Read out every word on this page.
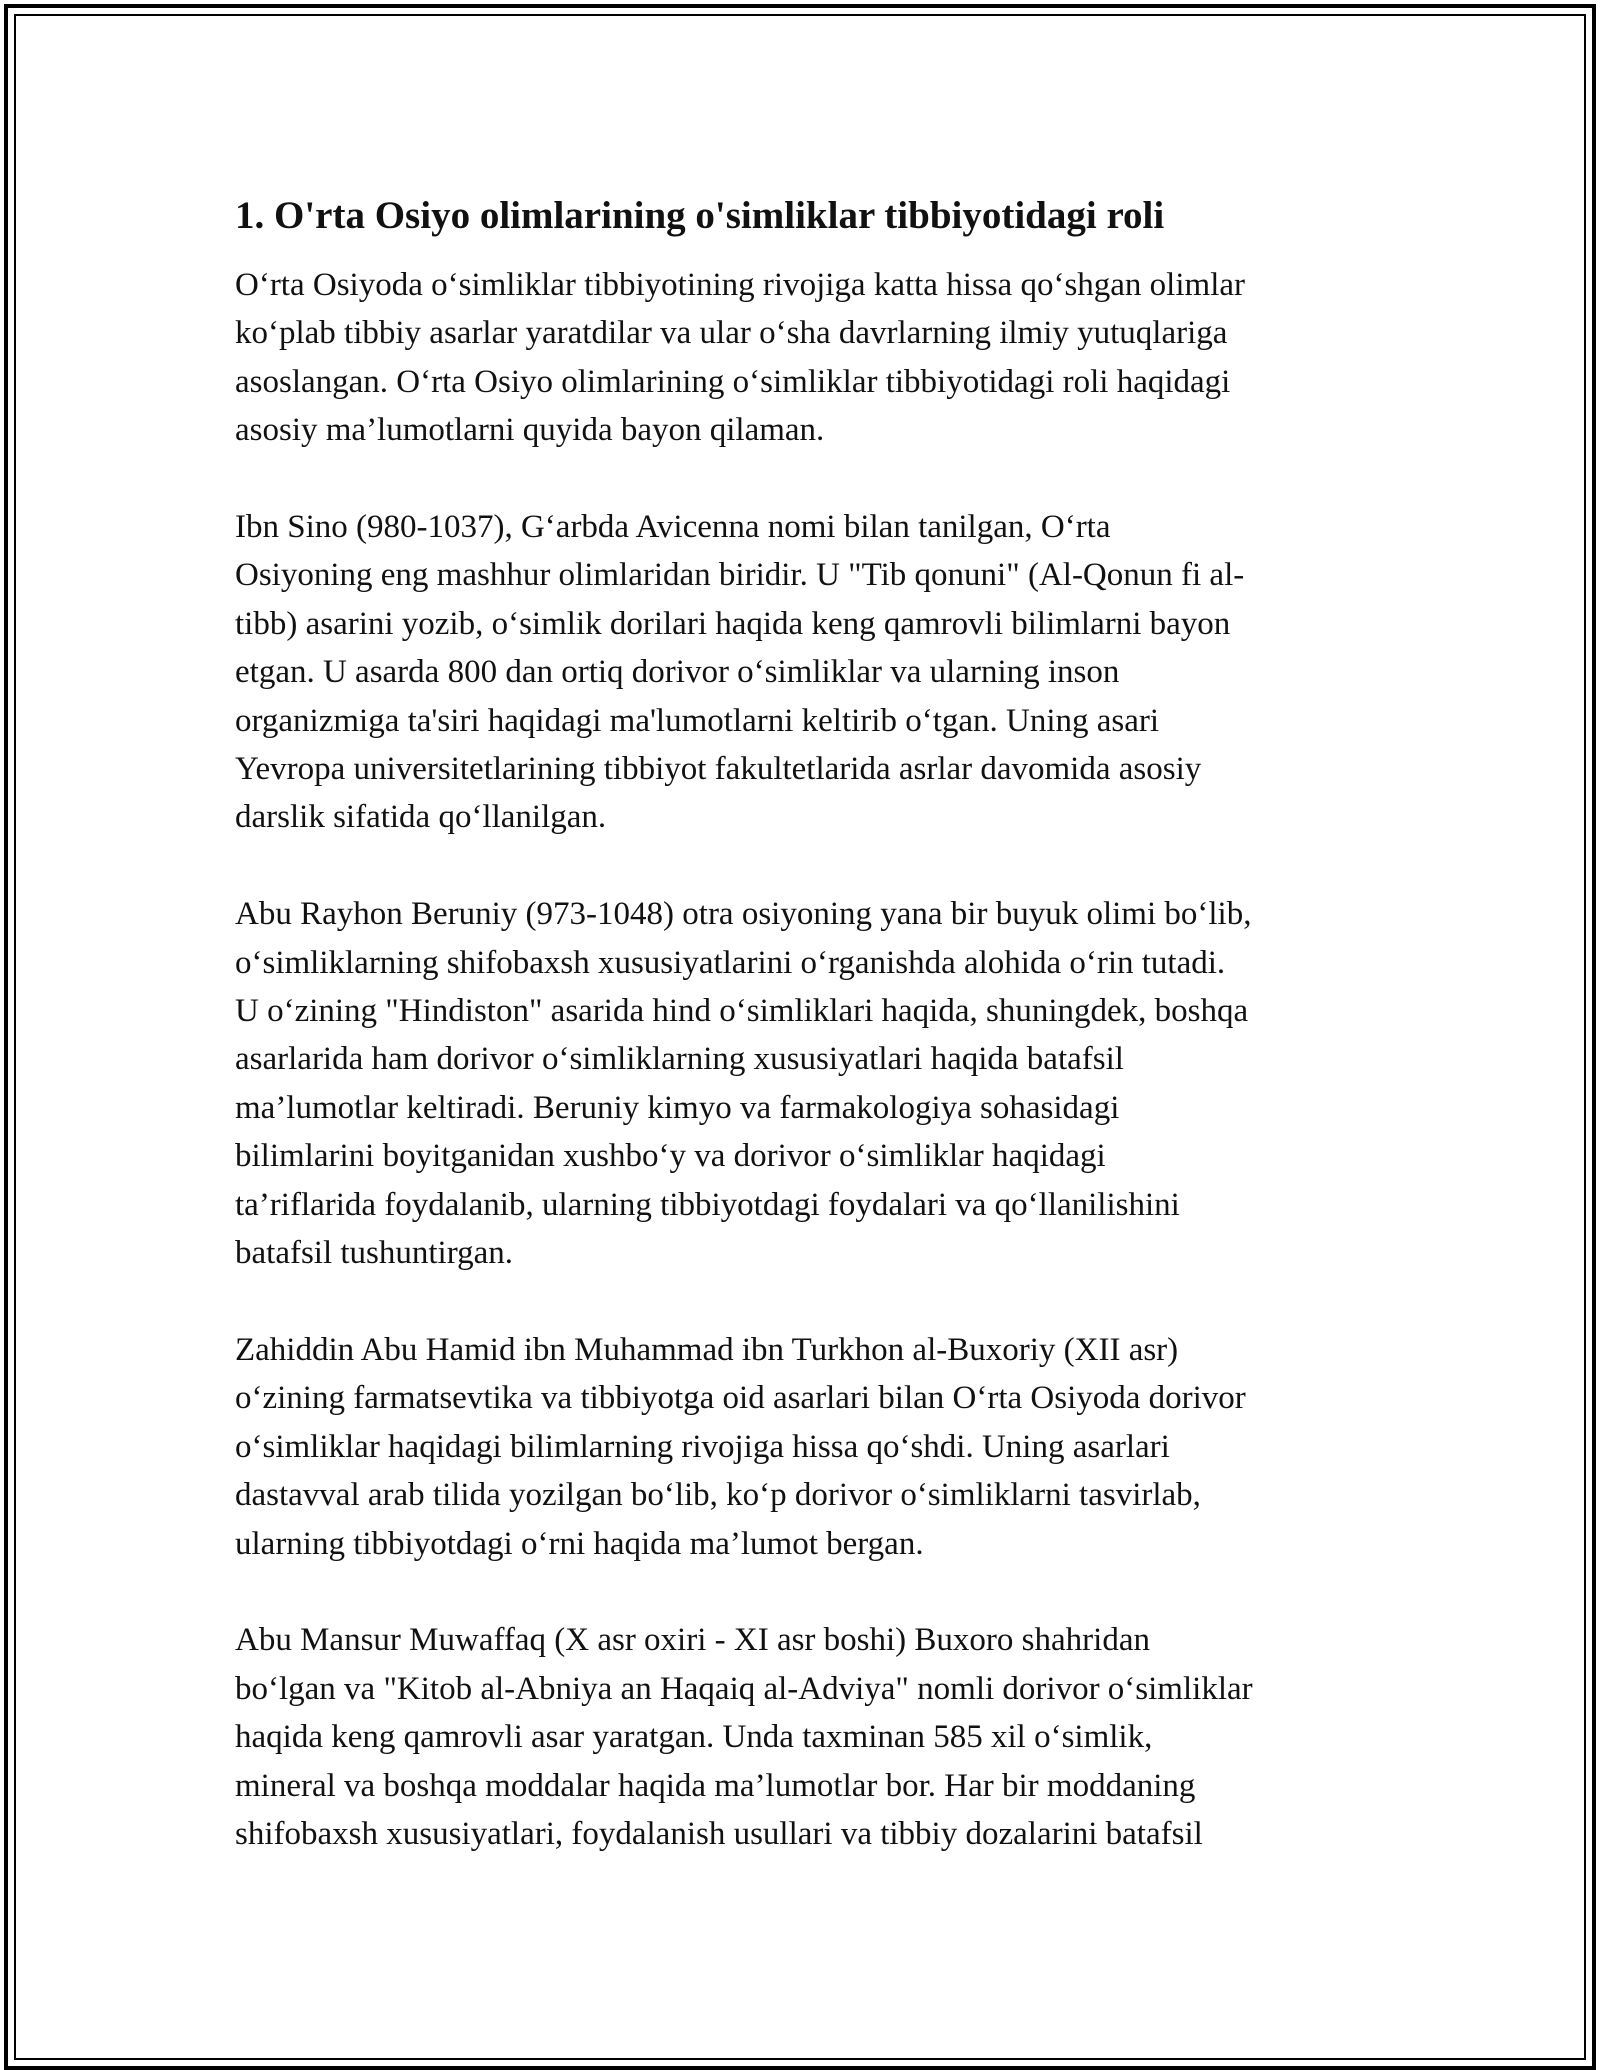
1. O'rta Osiyo olimlarining o'simliklar tibbiyotidagi roli
O‘rta Osiyoda o‘simliklar tibbiyotining rivojiga katta hissa qo‘shgan olimlar
ko‘plab tibbiy asarlar yaratdilar va ular o‘sha davrlarning ilmiy yutuqlariga
asoslangan. O‘rta Osiyo olimlarining o‘simliklar tibbiyotidagi roli haqidagi
asosiy ma’lumotlarni quyida bayon qilaman.
Ibn Sino (980-1037), G‘arbda Avicenna nomi bilan tanilgan, O‘rta
Osiyoning eng mashhur olimlaridan biridir. U "Tib qonuni" (Al-Qonun fi al-
tibb) asarini yozib, o‘simlik dorilari haqida keng qamrovli bilimlarni bayon
etgan. U asarda 800 dan ortiq dorivor o‘simliklar va ularning inson
organizmiga ta'siri haqidagi ma'lumotlarni keltirib o‘tgan. Uning asari
Yevropa universitetlarining tibbiyot fakultetlarida asrlar davomida asosiy
darslik sifatida qo‘llanilgan.
Abu Rayhon Beruniy (973-1048) otra osiyoning yana bir buyuk olimi bo‘lib,
o‘simliklarning shifobaxsh xususiyatlarini o‘rganishda alohida o‘rin tutadi.
U o‘zining "Hindiston" asarida hind o‘simliklari haqida, shuningdek, boshqa
asarlarida ham dorivor o‘simliklarning xususiyatlari haqida batafsil
ma’lumotlar keltiradi. Beruniy kimyo va farmakologiya sohasidagi
bilimlarini boyitganidan xushbo‘y va dorivor o‘simliklar haqidagi
ta’riflarida foydalanib, ularning tibbiyotdagi foydalari va qo‘llanilishini
batafsil tushuntirgan.
Zahiddin Abu Hamid ibn Muhammad ibn Turkhon al-Buxoriy (XII asr)
o‘zining farmatsevtika va tibbiyotga oid asarlari bilan O‘rta Osiyoda dorivor
o‘simliklar haqidagi bilimlarning rivojiga hissa qo‘shdi. Uning asarlari
dastavval arab tilida yozilgan bo‘lib, ko‘p dorivor o‘simliklarni tasvirlab,
ularning tibbiyotdagi o‘rni haqida ma’lumot bergan.
Abu Mansur Muwaffaq (X asr oxiri - XI asr boshi) Buxoro shahridan
bo‘lgan va "Kitob al-Abniya an Haqaiq al-Adviya" nomli dorivor o‘simliklar
haqida keng qamrovli asar yaratgan. Unda taxminan 585 xil o‘simlik,
mineral va boshqa moddalar haqida ma’lumotlar bor. Har bir moddaning
shifobaxsh xususiyatlari, foydalanish usullari va tibbiy dozalarini batafsil
